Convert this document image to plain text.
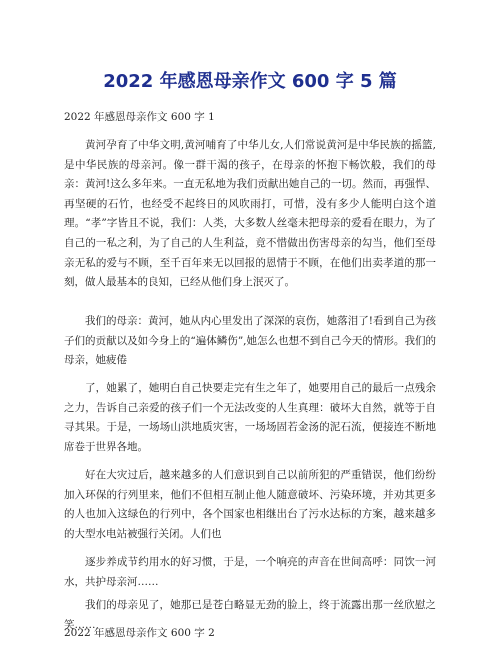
2022 年感恩母亲作文 600 字 5 篇
2022 年感恩母亲作文 600 字 1

黄河孕育了中华文明,黄河哺育了中华儿女,人们常说黄河是中华民族的摇篮,是中华民族的母亲河。像一群干渴的孩子，在母亲的怀抱下畅饮般，我们的母亲：黄河!这么多年来。一直无私地为我们贡献出她自己的一切。然而，再强悍、再坚硬的石竹，也经受不起终日的风吹雨打，可惜，没有多少人能明白这个道理。“孝”字皆且不说，我们：人类，大多数人丝毫未把母亲的爱看在眼力，为了自己的一私之利，为了自己的人生利益，竟不惜做出伤害母亲的勾当，他们至母亲无私的爱与不顾，至千百年来无以回报的恩情于不顾，在他们出卖孝道的那一刻，做人最基本的良知，已经从他们身上泯灭了。

我们的母亲：黄河，她从内心里发出了深深的哀伤，她落泪了!看到自己为孩子们的贡献以及如今身上的“遍体鳞伤”,她怎么也想不到自己今天的情形。我们的母亲，她疲倦

了，她累了，她明白自己快要走完有生之年了，她要用自己的最后一点残余之力，告诉自己亲爱的孩子们一个无法改变的人生真理：破坏大自然，就等于自寻其果。于是，一场场山洪地质灾害，一场场固若金汤的泥石流，便接连不断地席卷于世界各地。

好在大灾过后，越来越多的人们意识到自己以前所犯的严重错误，他们纷纷加入环保的行列里来，他们不但相互制止他人随意破坏、污染环境，并劝其更多的人也加入这绿色的行列中，各个国家也相继出台了污水达标的方案，越来越多的大型水电站被强行关闭。人们也

逐步养成节约用水的好习惯，于是，一个响亮的声音在世间高呼：同饮一河水，共护母亲河……

我们的母亲见了，她那已是苍白略显无劲的脸上，终于流露出那一丝欣慰之笑……

2022 年感恩母亲作文 600 字 2
